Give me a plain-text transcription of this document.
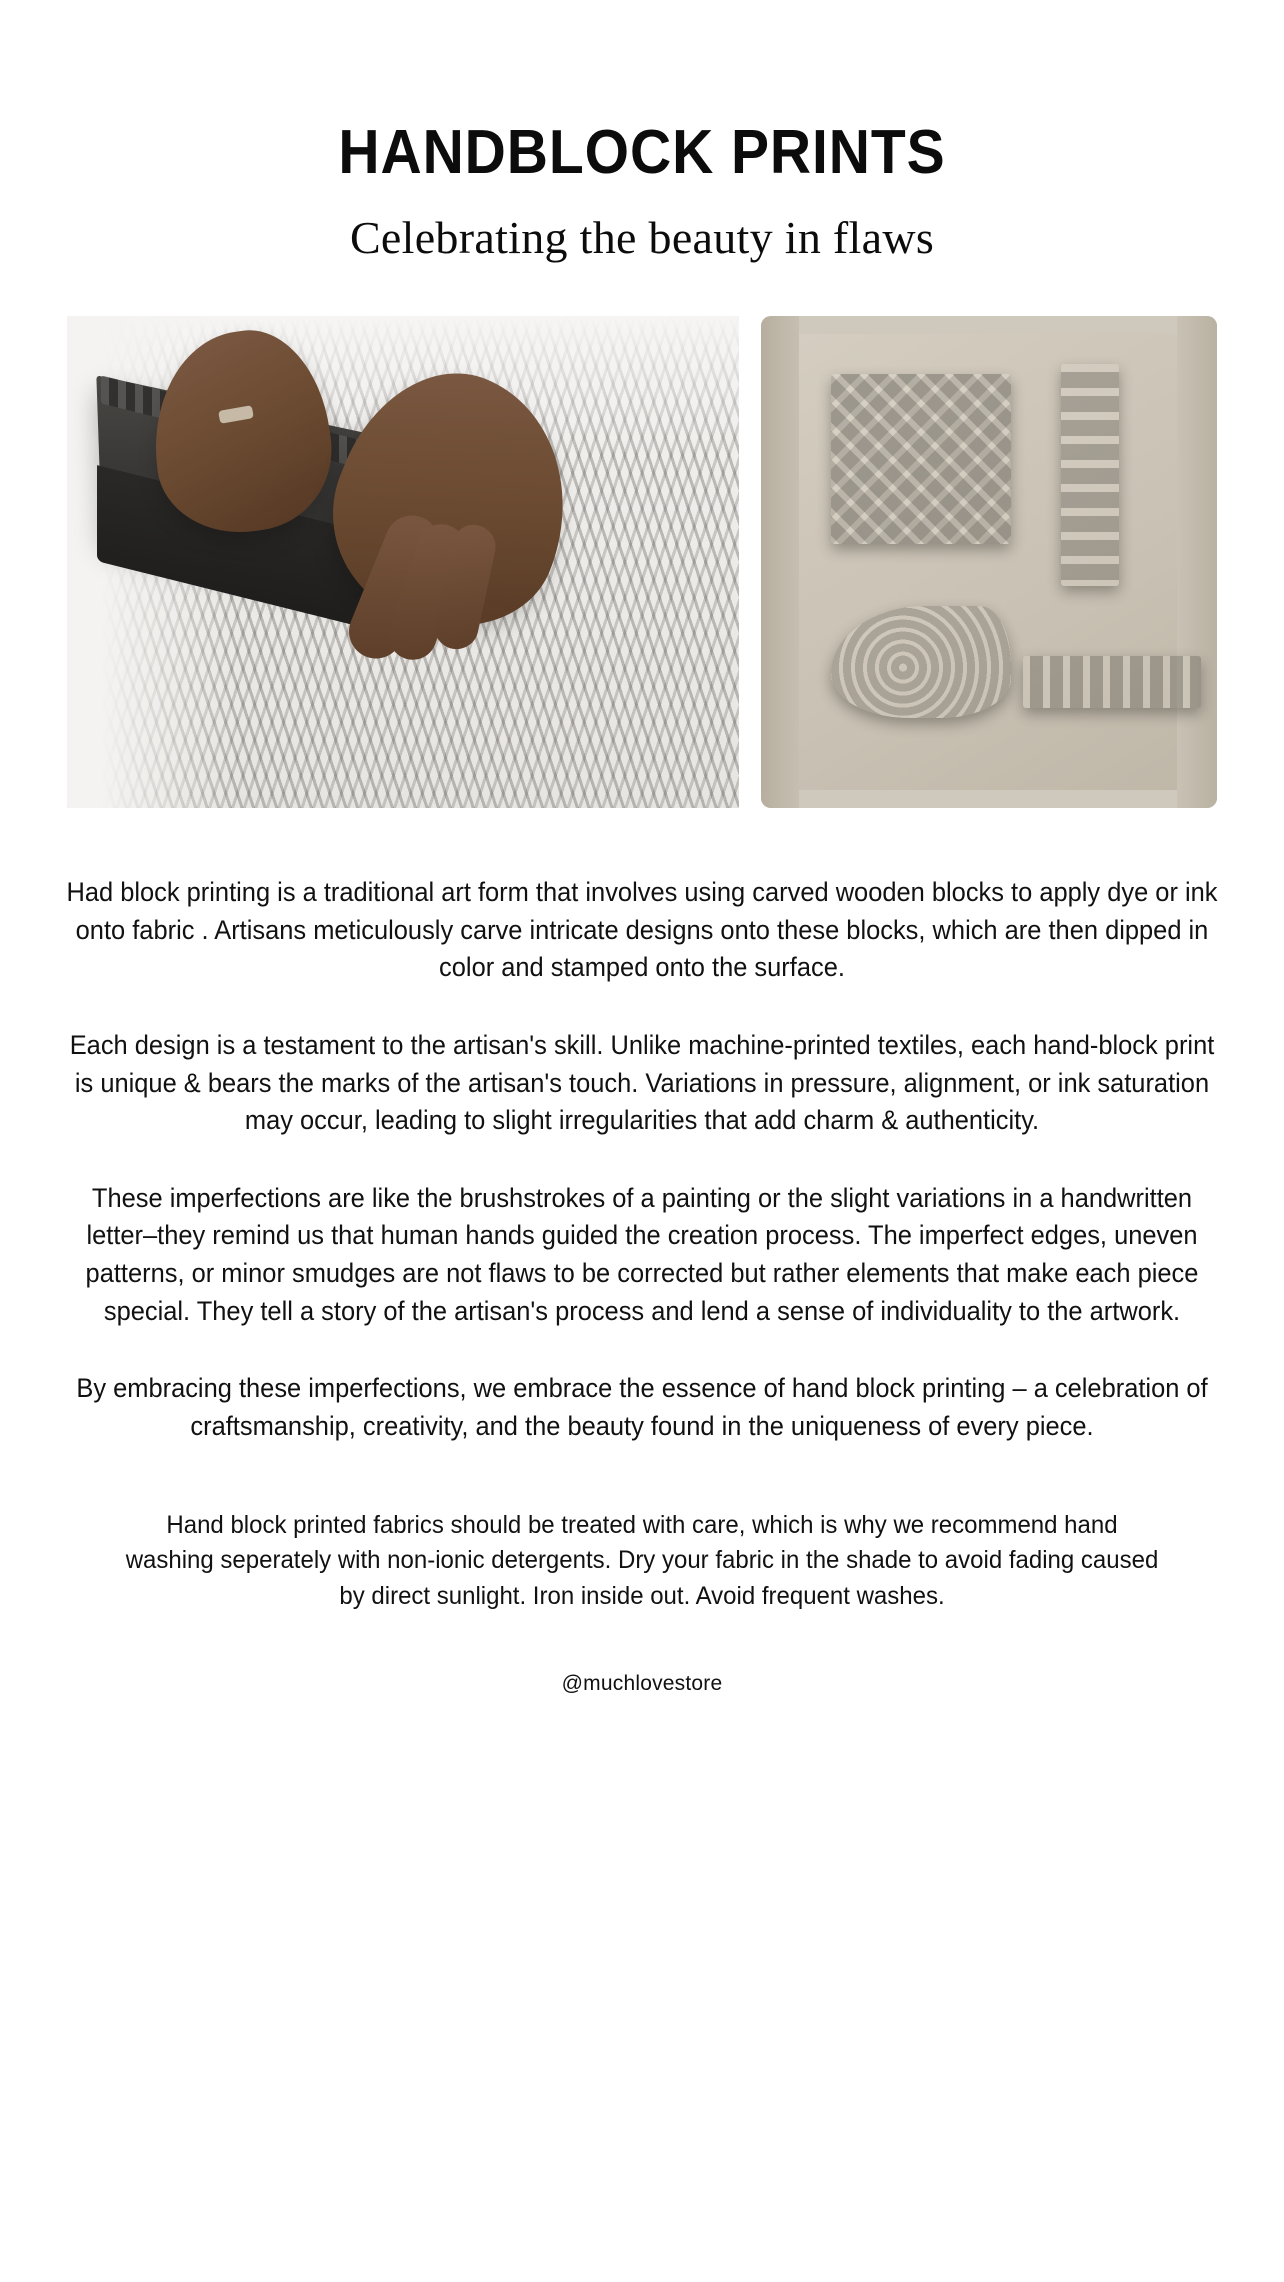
HANDBLOCK PRINTS

Celebrating the beauty in flaws

Had block printing is a traditional art form that involves using carved wooden blocks to apply dye or ink onto fabric . Artisans meticulously carve intricate designs onto these blocks, which are then dipped in color and stamped onto the surface.

Each design is a testament to the artisan's skill. Unlike machine-printed textiles, each hand-block print is unique & bears the marks of the artisan's touch. Variations in pressure, alignment, or ink saturation may occur, leading to slight irregularities that add charm & authenticity.

These imperfections are like the brushstrokes of a painting or the slight variations in a handwritten letter–they remind us that human hands guided the creation process. The imperfect edges, uneven patterns, or minor smudges are not flaws to be corrected but rather elements that make each piece special. They tell a story of the artisan's process and lend a sense of individuality to the artwork.

By embracing these imperfections, we embrace the essence of hand block printing – a celebration of craftsmanship, creativity, and the beauty found in the uniqueness of every piece.

Hand block printed fabrics should be treated with care, which is why we recommend hand washing seperately with non-ionic detergents. Dry your fabric in the shade to avoid fading caused by direct sunlight. Iron inside out. Avoid frequent washes.

@muchlovestore
